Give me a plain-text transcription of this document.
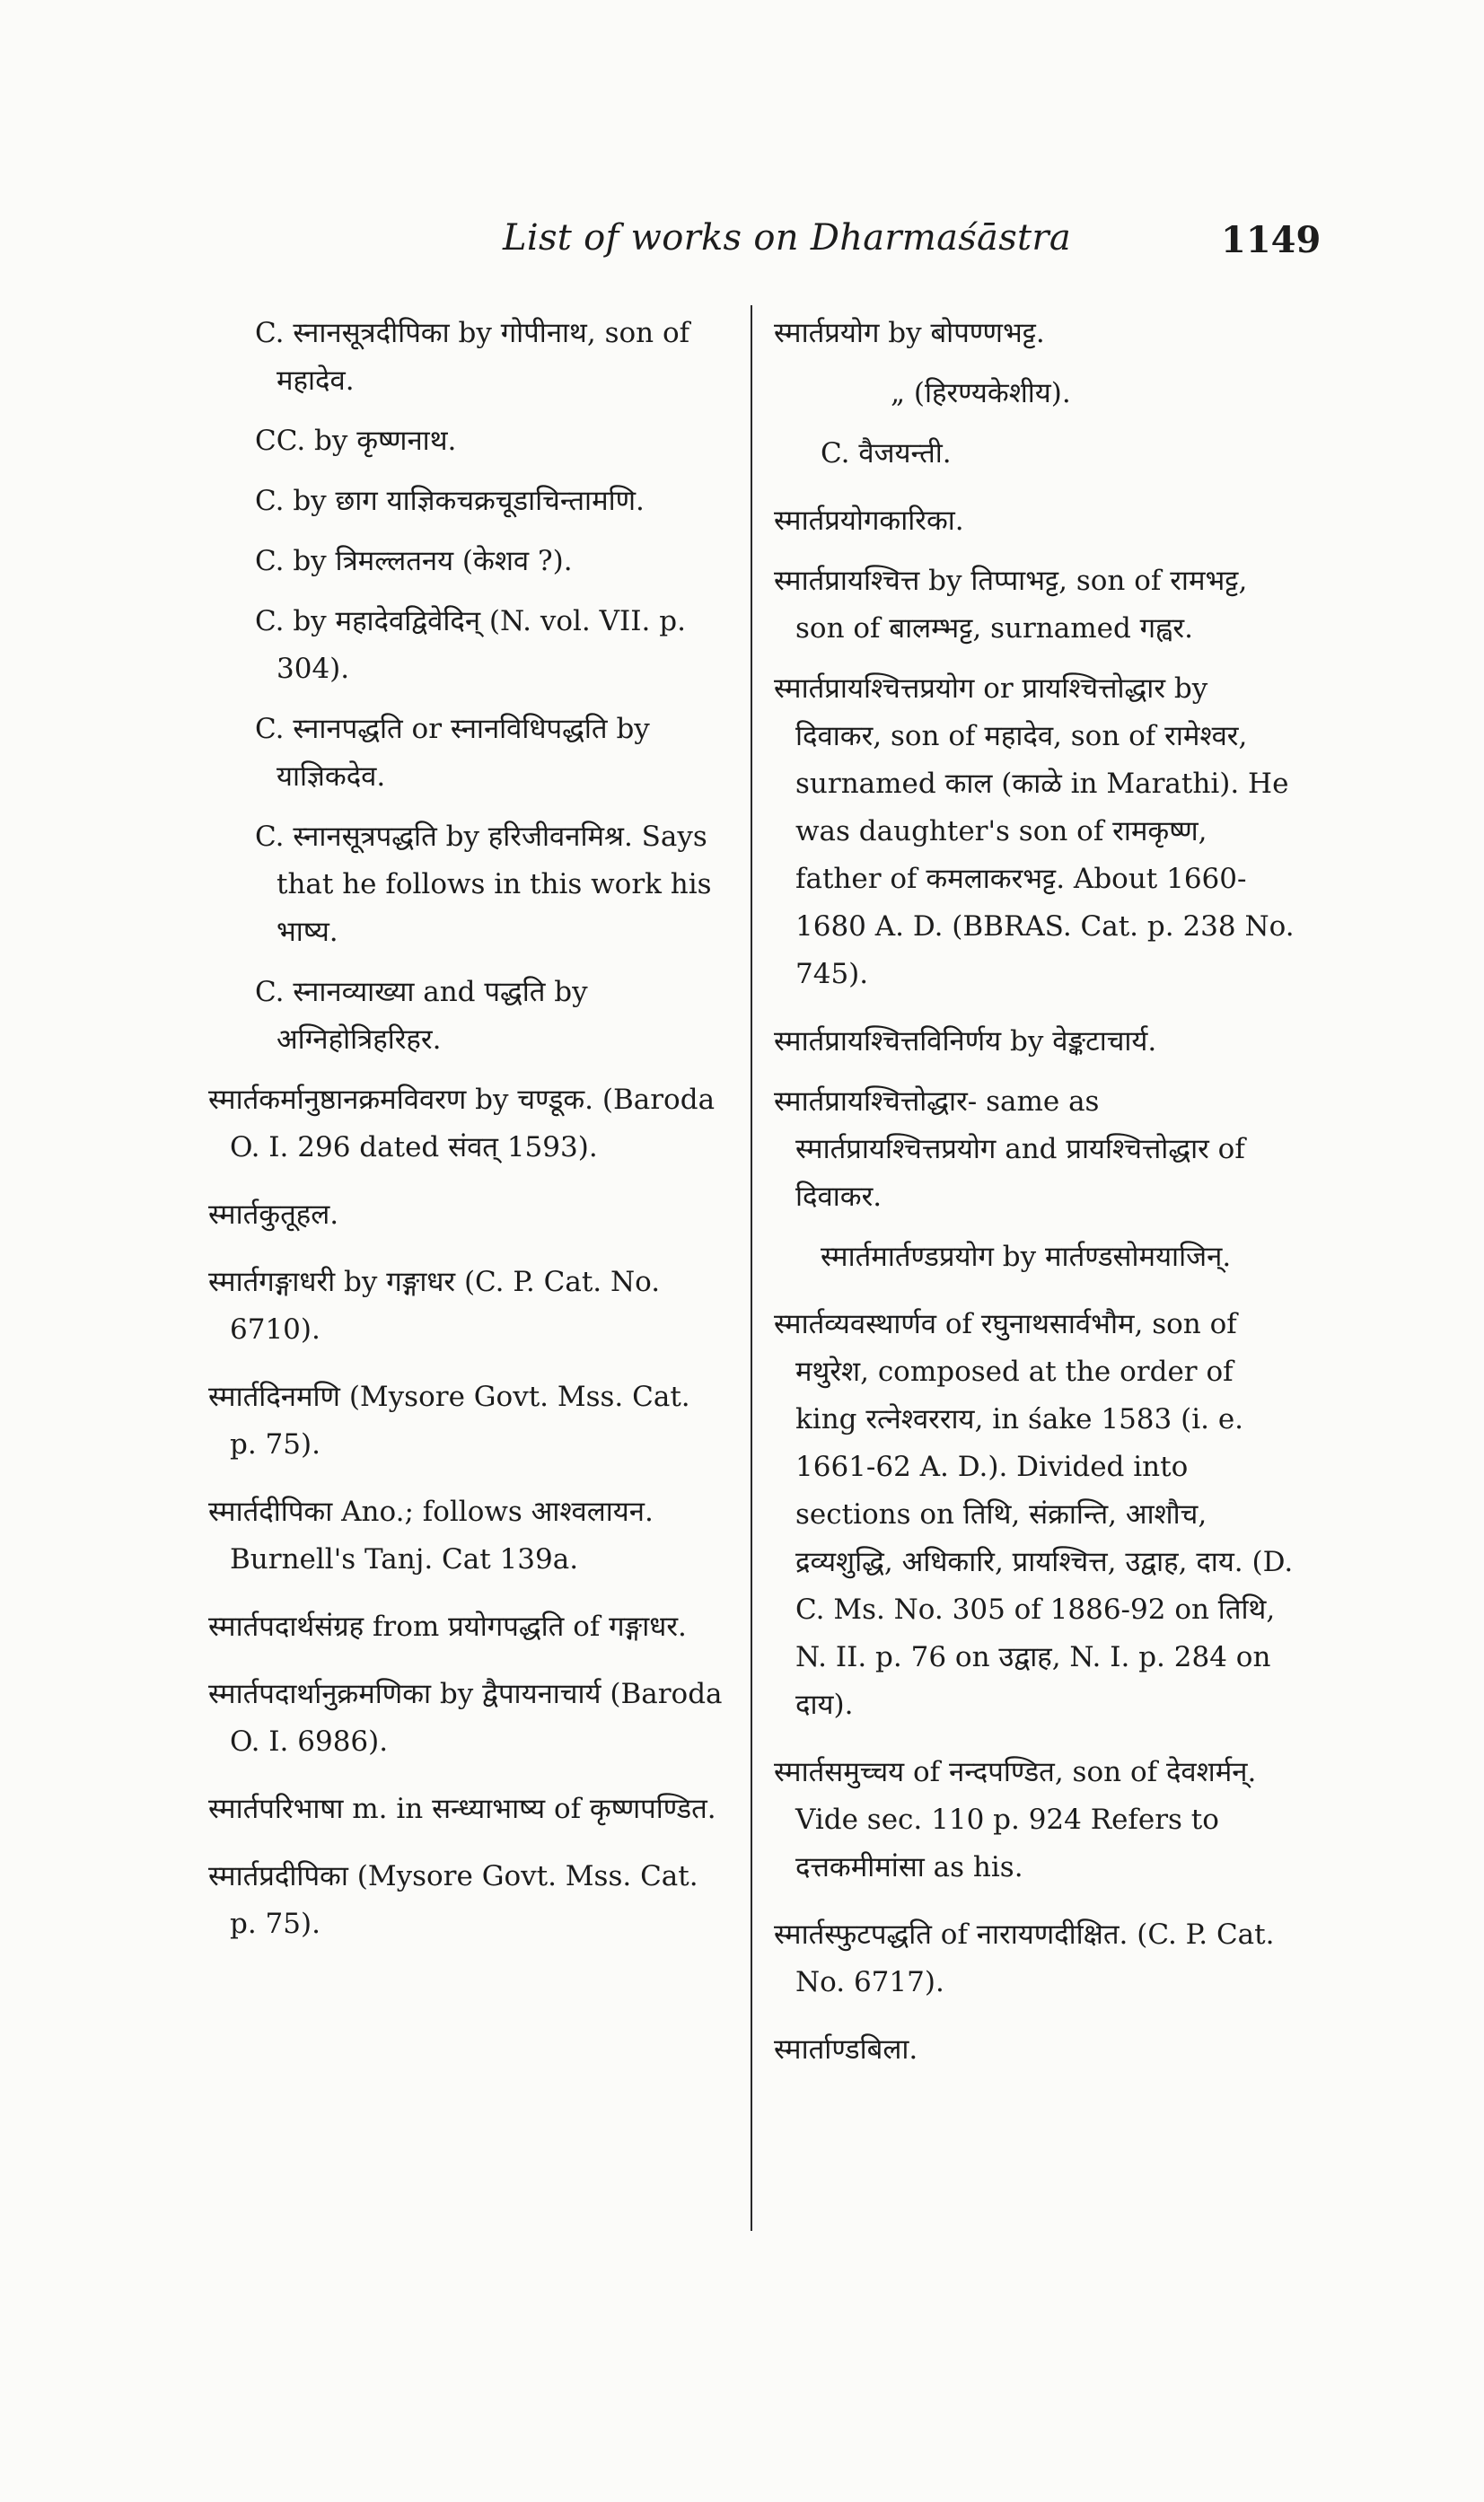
List of works on Dharmaśāstra	1149
C. स्नानसूत्रदीपिका by गोपीनाथ, son of महादेव.
CC. by कृष्णनाथ.
C. by छाग याज्ञिकचक्रचूडाचिन्तामणि.
C. by त्रिमल्लतनय (केशव ?).
C. by महादेवद्विवेदिन् (N. vol. VII. p. 304).
C. स्नानपद्धति or स्नानविधिपद्धति by याज्ञिकदेव.
C. स्नानसूत्रपद्धति by हरिजीवनमिश्र. Says that he follows in this work his भाष्य.
C. स्नानव्याख्या and पद्धति by अग्निहोत्रिहरिहर.
स्मार्तकर्मानुष्ठानक्रमविवरण by चण्डूक. (Baroda O. I. 296 dated संवत् 1593).
स्मार्तकुतूहल.
स्मार्तगङ्गाधरी by गङ्गाधर (C. P. Cat. No. 6710).
स्मार्तदिनमणि (Mysore Govt. Mss. Cat. p. 75).
स्मार्तदीपिका Ano.; follows आश्वलायन. Burnell's Tanj. Cat 139a.
स्मार्तपदार्थसंग्रह from प्रयोगपद्धति of गङ्गाधर.
स्मार्तपदार्थानुक्रमणिका by द्वैपायनाचार्य (Baroda O. I. 6986).
स्मार्तपरिभाषा m. in सन्ध्याभाष्य of कृष्णपण्डित.
स्मार्तप्रदीपिका (Mysore Govt. Mss. Cat. p. 75).
स्मार्तप्रयोग by बोपण्णभट्ट.
„ (हिरण्यकेशीय).
C. वैजयन्ती.
स्मार्तप्रयोगकारिका.
स्मार्तप्रायश्चित्त by तिप्पाभट्ट, son of रामभट्ट, son of बालम्भट्ट, surnamed गह्वर.
स्मार्तप्रायश्चित्तप्रयोग or प्रायश्चित्तोद्धार by दिवाकर, son of महादेव, son of रामेश्वर, surnamed काल (काळे in Marathi). He was daughter's son of रामकृष्ण, father of कमलाकरभट्ट. About 1660-1680 A. D. (BBRAS. Cat. p. 238 No. 745).
स्मार्तप्रायश्चित्तविनिर्णय by वेङ्कटाचार्य.
स्मार्तप्रायश्चित्तोद्धार- same as स्मार्तप्रायश्चित्तप्रयोग and प्रायश्चित्तोद्धार of दिवाकर.
स्मार्तमार्तण्डप्रयोग by मार्तण्डसोमयाजिन्.
स्मार्तव्यवस्थार्णव of रघुनाथसार्वभौम, son of मथुरेश, composed at the order of king रत्नेश्वरराय, in śake 1583 (i. e. 1661-62 A. D.). Divided into sections on तिथि, संक्रान्ति, आशौच, द्रव्यशुद्धि, अधिकारि, प्रायश्चित्त, उद्वाह, दाय. (D. C. Ms. No. 305 of 1886-92 on तिथि, N. II. p. 76 on उद्वाह, N. I. p. 284 on दाय).
स्मार्तसमुच्चय of नन्दपण्डित, son of देवशर्मन्. Vide sec. 110 p. 924 Refers to दत्तकमीमांसा as his.
स्मार्तस्फुटपद्धति of नारायणदीक्षित. (C. P. Cat. No. 6717).
स्मार्ताण्डबिला.
